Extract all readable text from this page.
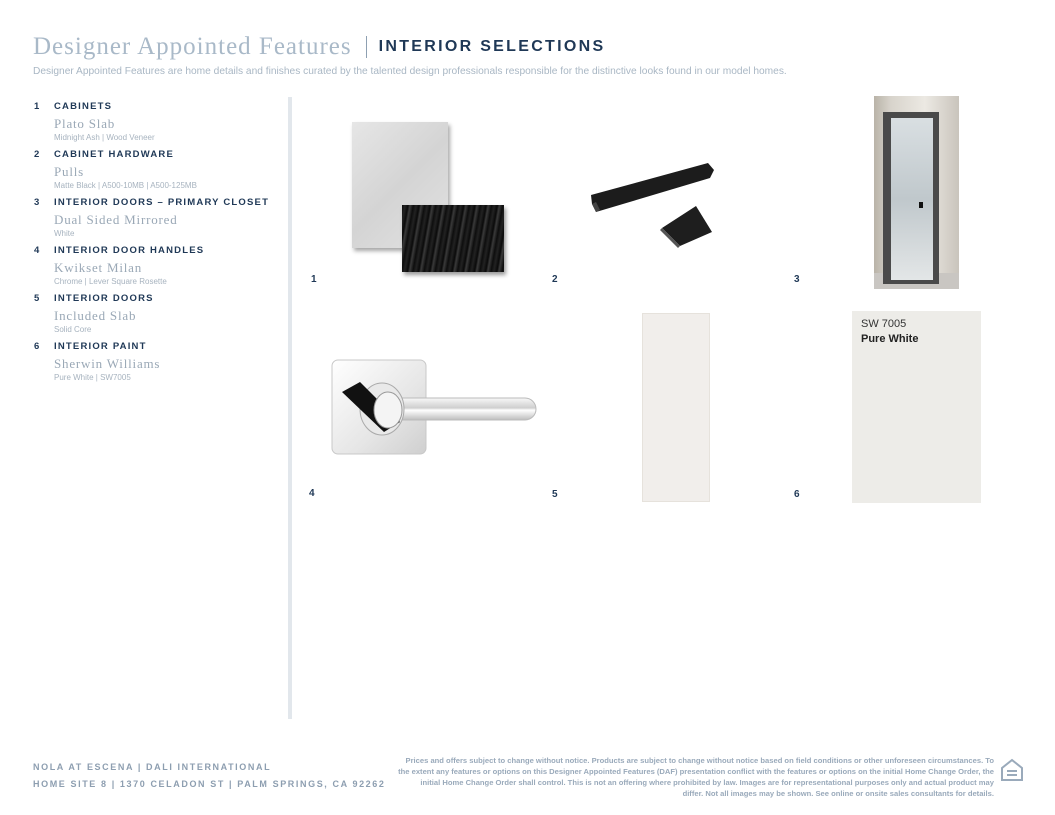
Designer Appointed Features INTERIOR SELECTIONS
Designer Appointed Features are home details and finishes curated by the talented design professionals responsible for the distinctive looks found in our model homes.
1	CABINETS
Plato Slab
Midnight Ash | Wood Veneer
2	CABINET HARDWARE
Pulls
Matte Black | A500-10MB | A500-125MB
3	INTERIOR DOORS – PRIMARY CLOSET
Dual Sided Mirrored
White
4	INTERIOR DOOR HANDLES
Kwikset Milan
Chrome | Lever Square Rosette
5	INTERIOR DOORS
Included Slab
Solid Core
6	INTERIOR PAINT
Sherwin Williams
Pure White | SW7005
1	2	3
4	5
SW 7005
Pure White
6
NOLA AT ESCENA | DALI INTERNATIONAL
HOME SITE 8 | 1370 CELADON ST | PALM SPRINGS, CA 92262
Prices and offers subject to change without notice. Products are subject to change without notice based on field conditions or other unforeseen circumstances. To the extent any features or options on this Designer Appointed Features (DAF) presentation conflict with the features or options on the initial Home Change Order, the initial Home Change Order shall control. This is not an offering where prohibited by law. Images are for representational purposes only and actual product may differ. Not all images may be shown. See online or onsite sales consultants for details.
